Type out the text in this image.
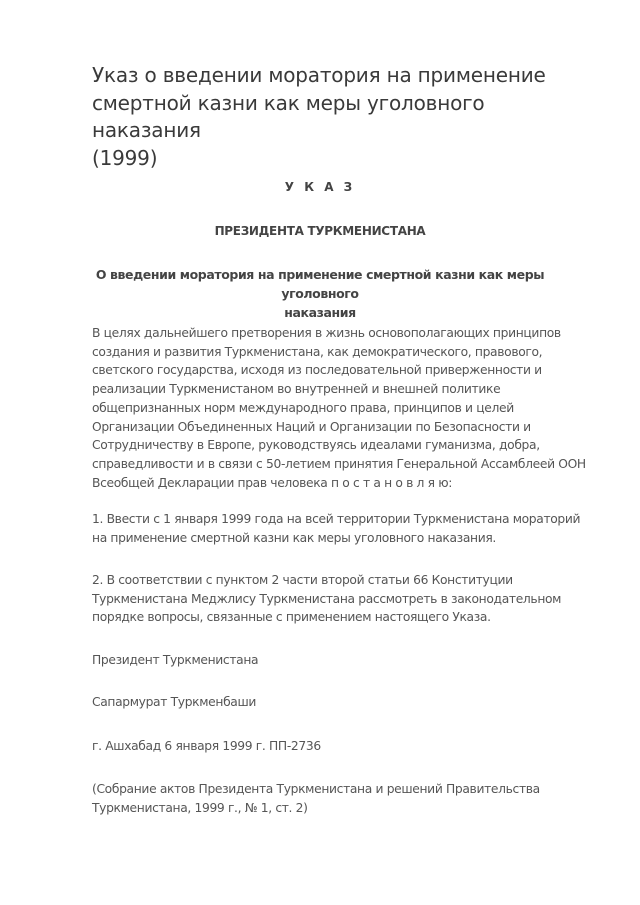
Указ о введении моратория на применение
смертной казни как меры уголовного наказания
(1999)
У К А З
ПРЕЗИДЕНТА ТУРКМЕНИСТАНА
О введении моратория на применение смертной казни как меры уголовного
наказания
В целях дальнейшего претворения в жизнь основополагающих принципов
создания и развития Туркменистана, как демократического, правового,
светского государства, исходя из последовательной приверженности и
реализации Туркменистаном во внутренней и внешней политике
общепризнанных норм международного права, принципов и целей
Организации Объединенных Наций и Организации по Безопасности и
Сотрудничеству в Европе, руководствуясь идеалами гуманизма, добра,
справедливости и в связи с 50-летием принятия Генеральной Ассамблеей ООН
Всеобщей Декларации прав человека п о с т а н о в л я ю:
1. Ввести с 1 января 1999 года на всей территории Туркменистана мораторий
на применение смертной казни как меры уголовного наказания.
2. В соответствии с пунктом 2 части второй статьи 66 Конституции
Туркменистана Меджлису Туркменистана рассмотреть в законодательном
порядке вопросы, связанные с применением настоящего Указа.
Президент Туркменистана
Сапармурат Туркменбаши
г. Ашхабад 6 января 1999 г. ПП-2736
(Собрание актов Президента Туркменистана и решений Правительства
Туркменистана, 1999 г., № 1, ст. 2)
